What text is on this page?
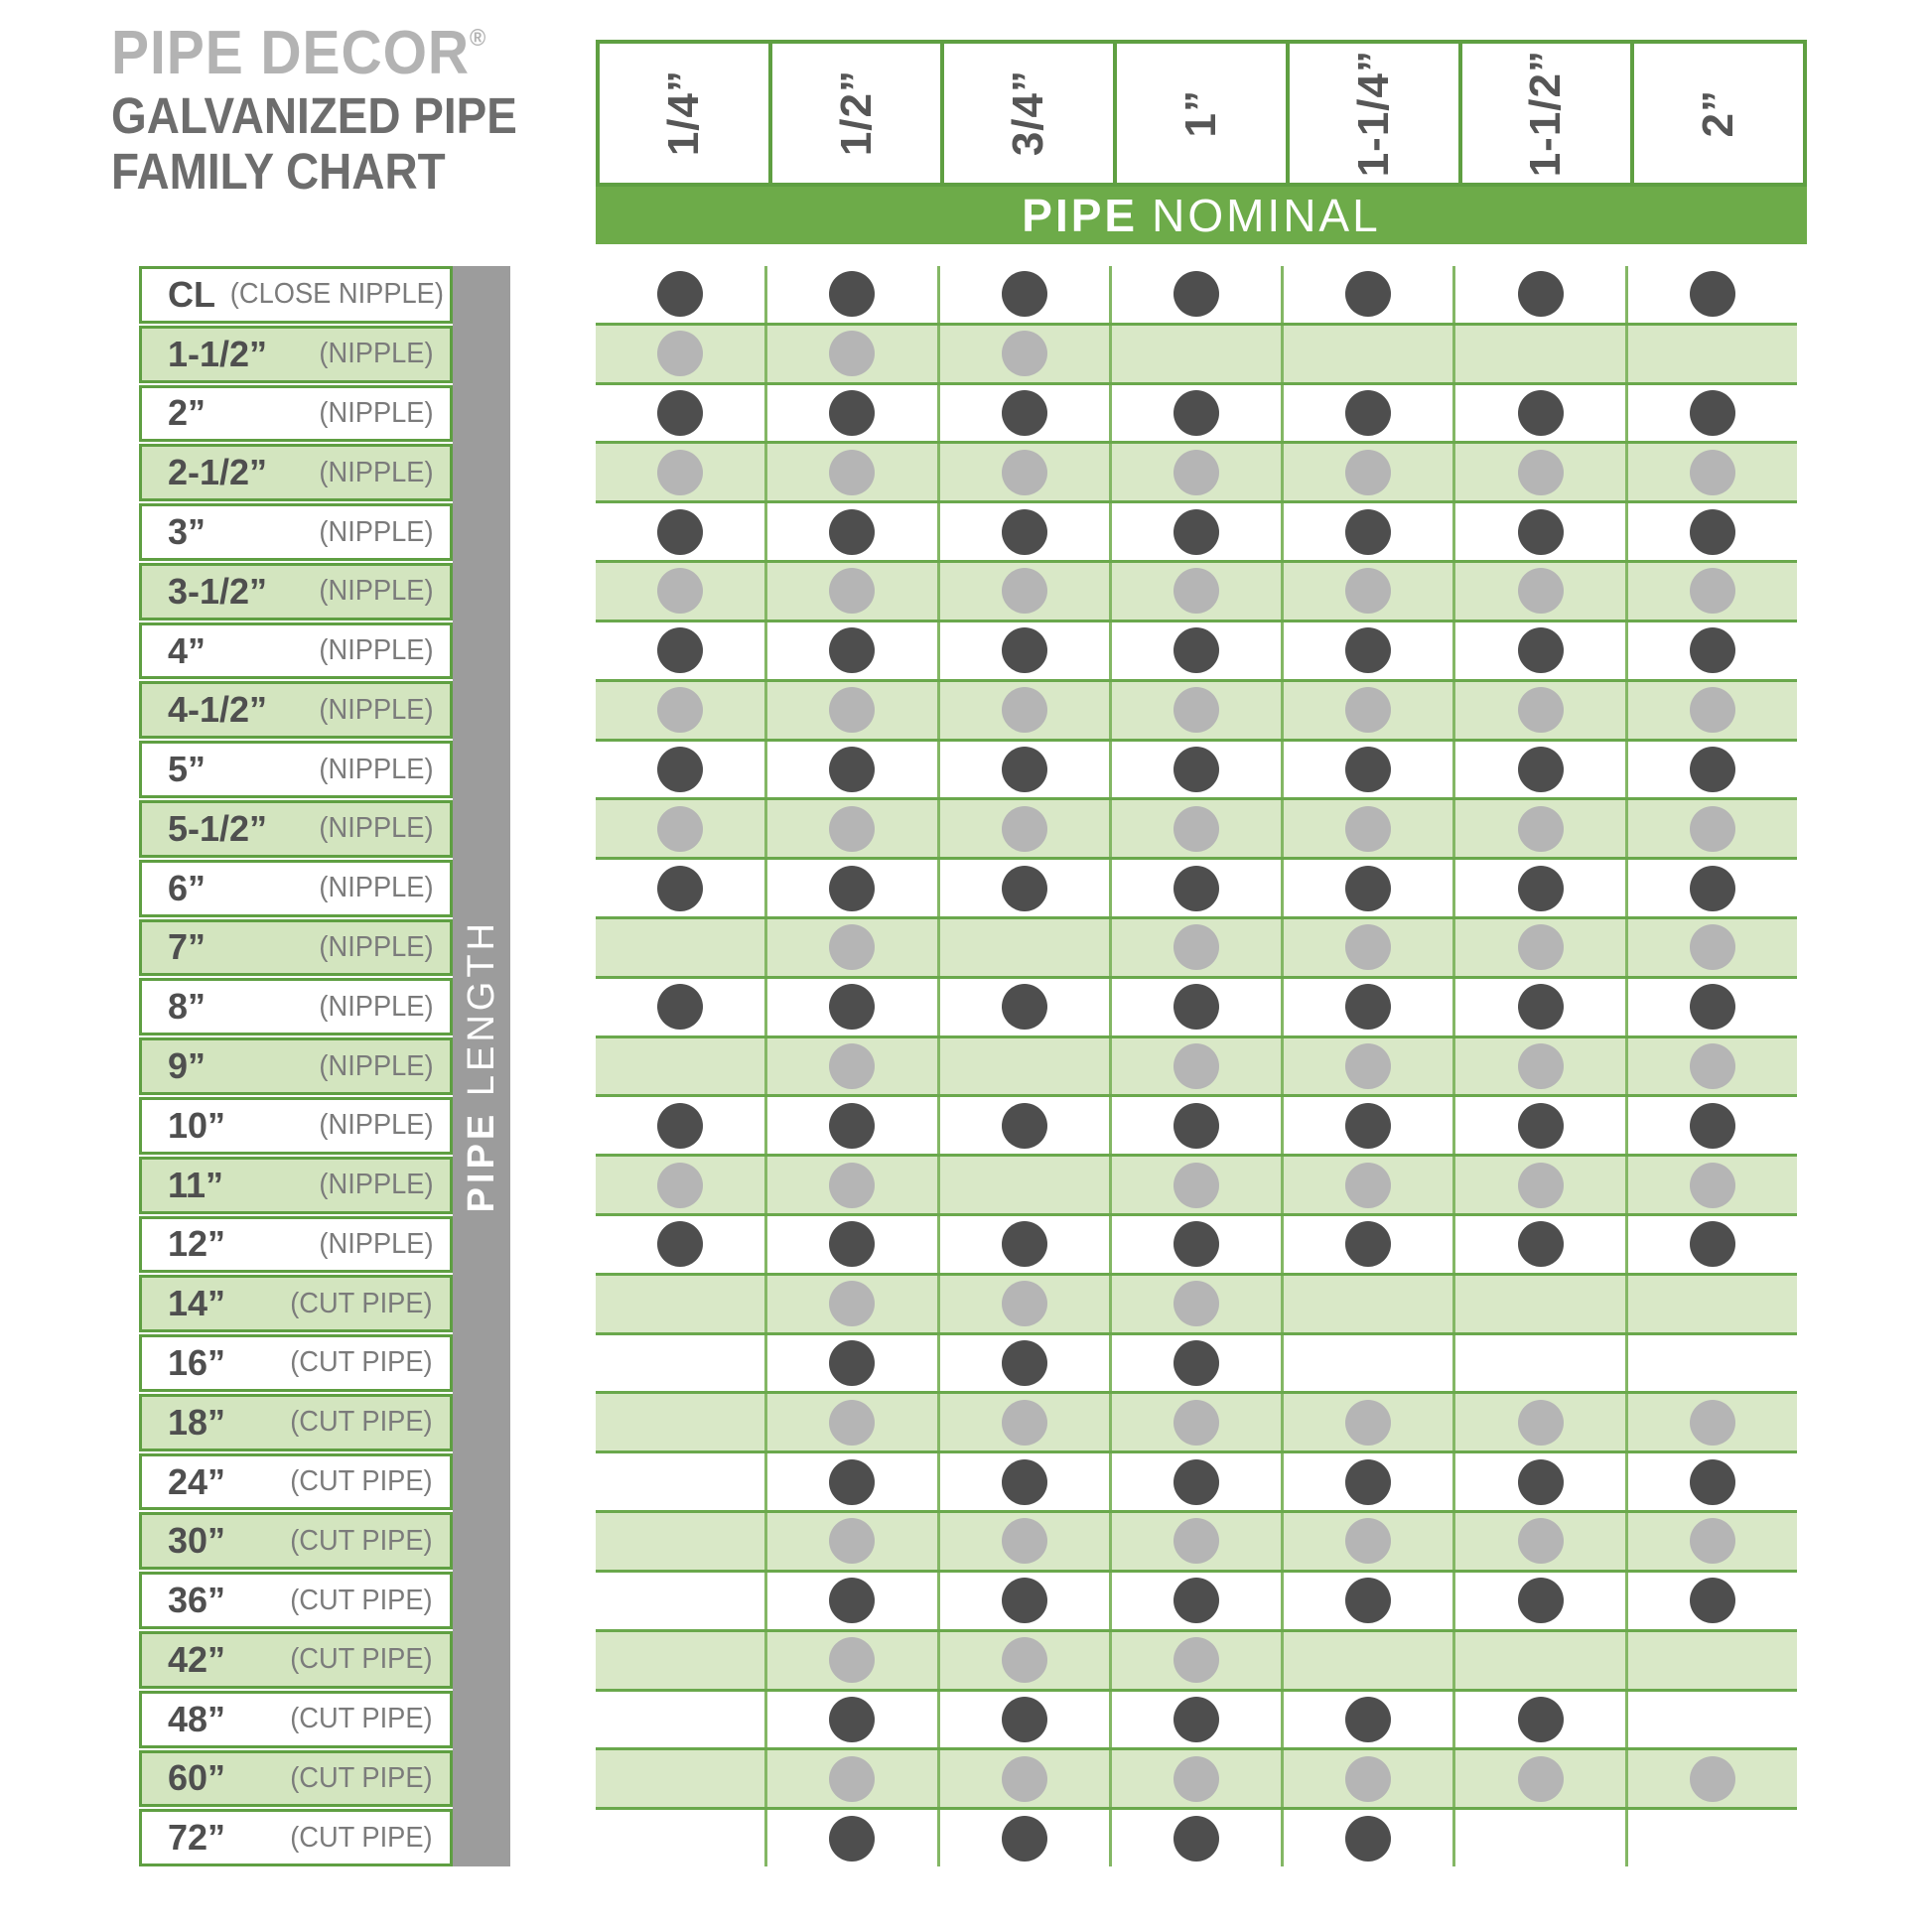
PIPE DECOR®
GALVANIZED PIPE
FAMILY CHART
1/4”	1/2”	3/4”	1”	1-1/4”	1-1/2”	2”
PIPE NOMINAL
CL (CLOSE NIPPLE)
1-1/2” (NIPPLE)
2”	(NIPPLE)
2-1/2” (NIPPLE)
3”	(NIPPLE)
3-1/2” (NIPPLE)
4”	(NIPPLE)
4-1/2” (NIPPLE)
5”	(NIPPLE)
5-1/2” (NIPPLE)
6”	(NIPPLE)
7”	(NIPPLE)
8”	(NIPPLE)
9”	(NIPPLE)
10”	(NIPPLE)
11”	(NIPPLE)
12”	(NIPPLE)
14” (CUT PIPE)
16” (CUT PIPE)
18” (CUT PIPE)
24” (CUT PIPE)
30” (CUT PIPE)
36” (CUT PIPE)
42” (CUT PIPE)
48” (CUT PIPE)
60” (CUT PIPE)
72” (CUT PIPE)
PIPE LENGTH
